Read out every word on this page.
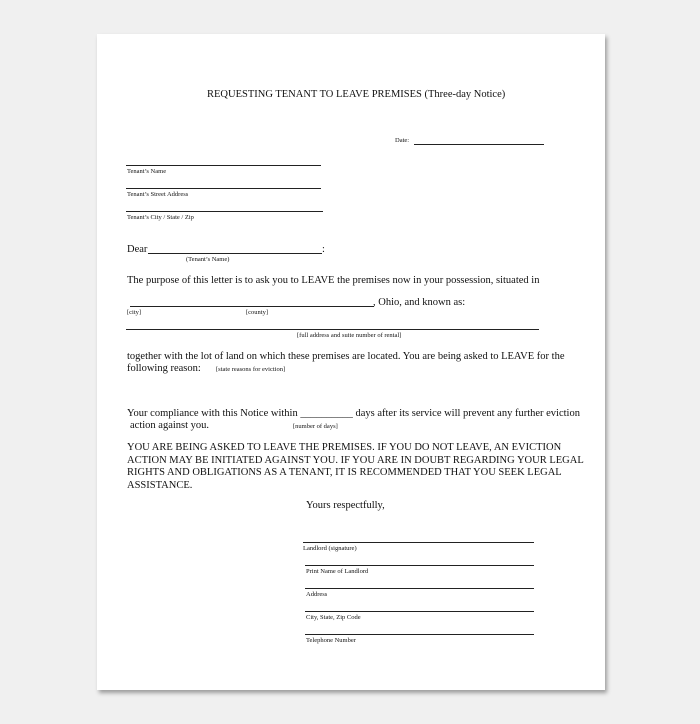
REQUESTING TENANT TO LEAVE PREMISES (Three-day Notice)
Date:
Tenant’s Name
Tenant’s Street Address
Tenant’s City / State / Zip
Dear	:
(Tenant’s Name)
The purpose of this letter is to ask you to LEAVE the premises now in your possession, situated in
, Ohio, and known as:
[city]	[county]
[full address and suite number of rental]
together with the lot of land on which these premises are located. You are being asked to LEAVE for the
following reason: [state reasons for eviction]
Your compliance with this Notice within __________ days after its service will prevent any further eviction
action against you.	[number of days]
YOU ARE BEING ASKED TO LEAVE THE PREMISES. IF YOU DO NOT LEAVE, AN EVICTION
ACTION MAY BE INITIATED AGAINST YOU. IF YOU ARE IN DOUBT REGARDING YOUR LEGAL
RIGHTS AND OBLIGATIONS AS A TENANT, IT IS RECOMMENDED THAT YOU SEEK LEGAL
ASSISTANCE.
Yours respectfully,
Landlord (signature)
Print Name of Landlord
Address
City, State, Zip Code
Telephone Number
